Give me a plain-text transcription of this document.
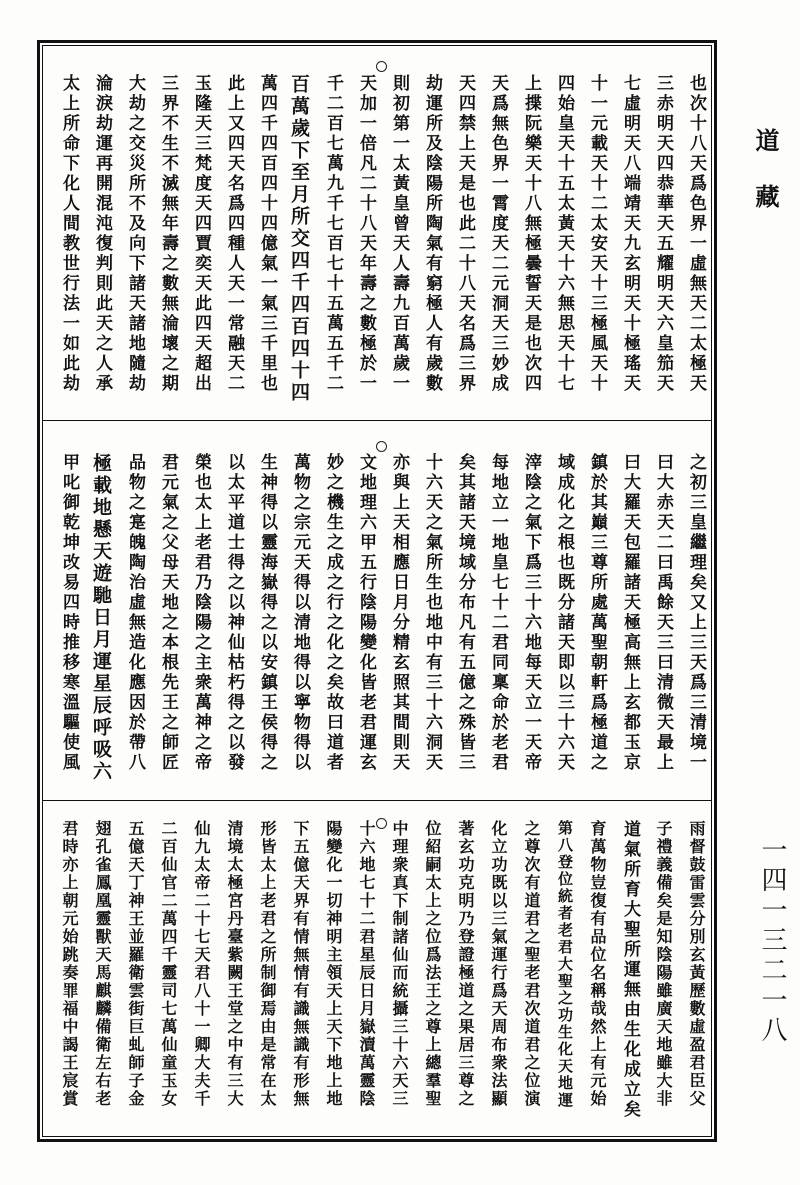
也次十八天爲色界一虛無天二太極天
三赤明天四恭華天五耀明天六皇笳天
七虛明天八端靖天九玄明天十極瑤天
十一元載天十二太安天十三極風天十
四始皇天十五太黃天十六無思天十七
上揲阮樂天十八無極曇誓天是也次四
天爲無色界一霄度天二元洞天三妙成
天四禁上天是也此二十八天名爲三界
劫運所及陰陽所陶氣有窮極人有歲數
則初第一太黃皇曾天人壽九百萬歲一
天加一倍凡二十八天年壽之數極於一
千二百七萬九千七百七十五萬五千二
百萬歲下至月所交四千四百四十四
萬四千四百四十四億氣一氣三千里也
此上又四天名爲四種人天一常融天二
玉隆天三梵度天四賈奕天此四天超出
三界不生不滅無年壽之數無淪壞之期
大劫之交災所不及向下諸天諸地隨劫
淪淚劫運再開混沌復判則此天之人承
太上所命下化人間教世行法一如此劫
之初三皇繼理矣又上三天爲三清境一
曰大赤天二曰禹餘天三曰清微天最上
曰大羅天包羅諸天極高無上玄都玉京
鎮於其巔三尊所處萬聖朝軒爲極道之
域成化之根也既分諸天即以三十六天
滓陰之氣下爲三十六地每天立一天帝
每地立一地皇七十二君同稟命於老君
矣其諸天境域分布凡有五億之殊皆三
十六天之氣所生也地中有三十六洞天
亦與上天相應日月分精玄照其間則天
文地理六甲五行陰陽變化皆老君運玄
妙之機生之成之行之化之矣故曰道者
萬物之宗元天得以清地得以寧物得以
生神得以靈海嶽得之以安鎮王侯得之
以太平道士得之以神仙枯朽得之以發
榮也太上老君乃陰陽之主衆萬神之帝
君元氣之父母天地之本根先王之師匠
品物之寔魄陶治虛無造化應因於帶八
極載地懸天遊馳日月運星辰呼吸六
甲叱御乾坤改易四時推移寒溫驅使風
雨督鼓雷雲分別玄黃歷數虛盈君臣父
子禮義備矣是知陰陽雖廣天地雖大非
道氣所育大聖所運無由生化成立矣
育萬物豈復有品位名稱哉然上有元始
第八登位統者老君大聖之功生化天地運
之尊次有道君之聖老君次道君之位演
化立功既以三氣運行爲天周布衆法顯
著玄功克明乃登證極道之果居三尊之
位紹嗣太上之位爲法王之尊上總羣聖
中理衆真下制諸仙而統攝三十六天三
十六地七十二君星辰日月嶽瀆萬靈陰
陽變化一切神明主領天上天下地上地
下五億天界有情無情有識無識有形無
形皆太上老君之所制御焉由是常在太
清境太極宮丹臺紫闕王堂之中有三大
仙九太帝二十七天君八十一卿大夫千
二百仙官二萬四千靈司七萬仙童玉女
五億天丁神王並羅衛雲街巨虬師子金
翅孔雀鳳凰靈獸天馬麒麟備衛左右老
君時亦上朝元始跳奏罪福中謁王宸賞
道藏
一四一三二一八
